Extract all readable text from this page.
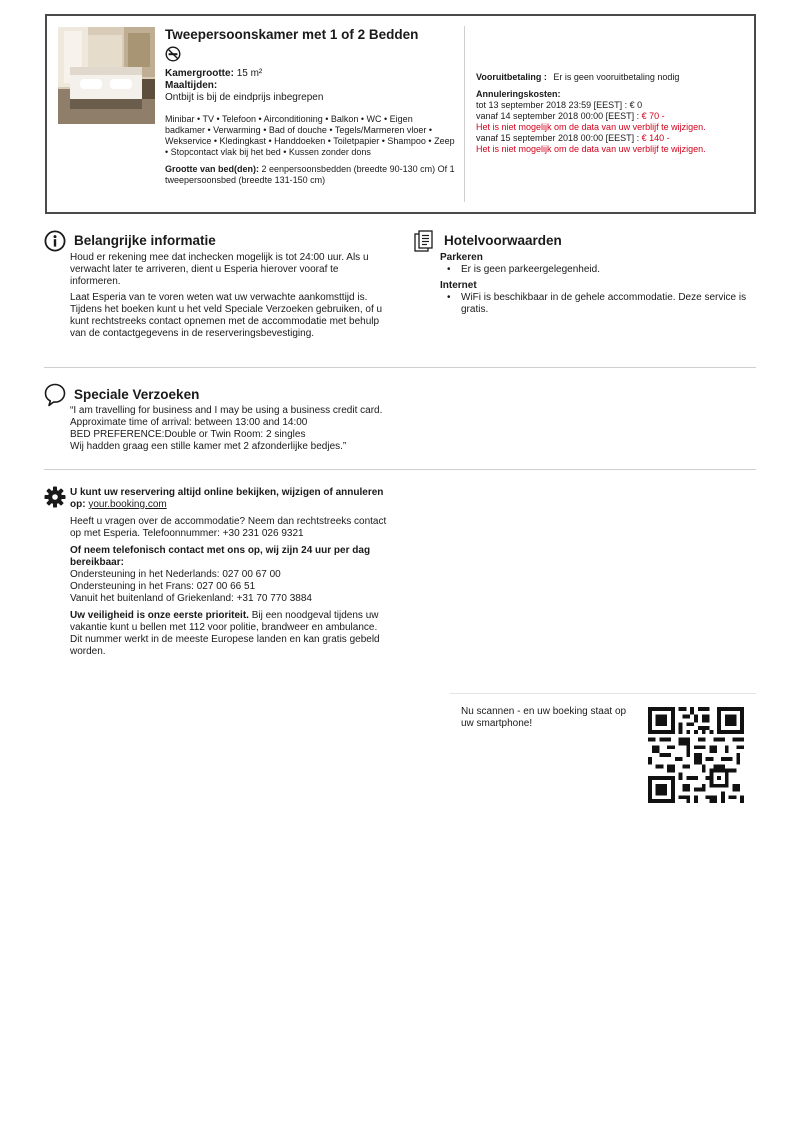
Tweepersoonskamer met 1 of 2 Bedden
Kamergrootte: 15 m²
Maaltijden:
Ontbijt is bij de eindprijs inbegrepen
Minibar • TV • Telefoon • Airconditioning • Balkon • WC • Eigen badkamer • Verwarming • Bad of douche • Tegels/Marmeren vloer • Wekservice • Kledingkast • Handdoeken • Toiletpapier • Shampoo • Zeep • Stopcontact vlak bij het bed • Kussen zonder dons
Grootte van bed(den): 2 eenpersoonsbedden (breedte 90-130 cm) Of 1 tweepersoonsbed (breedte 131-150 cm)
Vooruitbetaling : Er is geen vooruitbetaling nodig
Annuleringskosten:
tot 13 september 2018 23:59 [EEST] : € 0
vanaf 14 september 2018 00:00 [EEST] : € 70 -
Het is niet mogelijk om de data van uw verblijf te wijzigen.
vanaf 15 september 2018 00:00 [EEST] : € 140 -
Het is niet mogelijk om de data van uw verblijf te wijzigen.
Belangrijke informatie

Houd er rekening mee dat inchecken mogelijk is tot 24:00 uur. Als u verwacht later te arriveren, dient u Esperia hierover vooraf te informeren.

Laat Esperia van te voren weten wat uw verwachte aankomsttijd is. Tijdens het boeken kunt u het veld Speciale Verzoeken gebruiken, of u kunt rechtstreeks contact opnemen met de accommodatie met behulp van de contactgegevens in de reserveringsbevestiging.

Hotelvoorwaarden
Parkeren
• Er is geen parkeergelegenheid.
Internet
• WiFi is beschikbaar in de gehele accommodatie. Deze service is gratis.
Speciale Verzoeken
“I am travelling for business and I may be using a business credit card.
Approximate time of arrival: between 13:00 and 14:00
BED PREFERENCE:Double or Twin Room: 2 singles
Wij hadden graag een stille kamer met 2 afzonderlijke bedjes.”

U kunt uw reservering altijd online bekijken, wijzigen of annuleren op: your.booking.com

Heeft u vragen over de accommodatie? Neem dan rechtstreeks contact op met Esperia. Telefoonnummer: +30 231 026 9321

Of neem telefonisch contact met ons op, wij zijn 24 uur per dag bereikbaar:

Ondersteuning in het Nederlands: 027 00 67 00

Ondersteuning in het Frans: 027 00 66 51

Vanuit het buitenland of Griekenland: +31 70 770 3884

Uw veiligheid is onze eerste prioriteit. Bij een noodgeval tijdens uw vakantie kunt u bellen met 112 voor politie, brandweer en ambulance. Dit nummer werkt in de meeste Europese landen en kan gratis gebeld worden.

Nu scannen - en uw boeking staat op uw smartphone!
